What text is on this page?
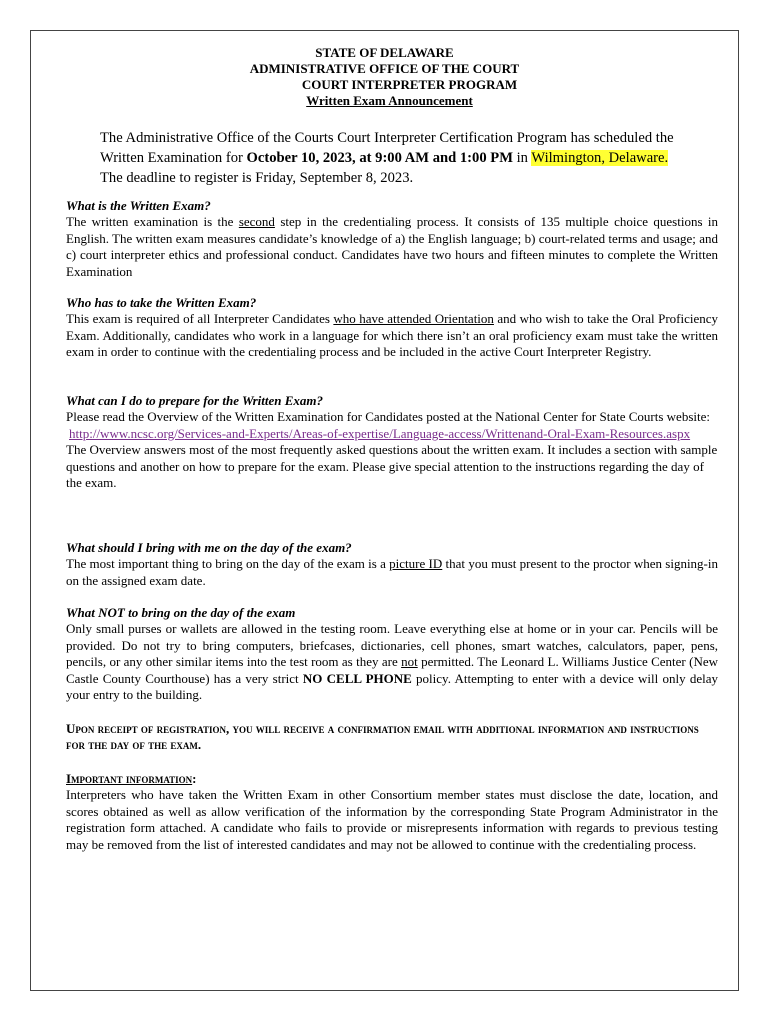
STATE OF DELAWARE
ADMINISTRATIVE OFFICE OF THE COURT
COURT INTERPRETER PROGRAM
Written Exam Announcement
The Administrative Office of the Courts Court Interpreter Certification Program has scheduled the Written Examination for October 10, 2023, at 9:00 AM and 1:00 PM in Wilmington, Delaware. The deadline to register is Friday, September 8, 2023.
What is the Written Exam?

The written examination is the second step in the credentialing process. It consists of 135 multiple choice questions in English. The written exam measures candidate’s knowledge of a) the English language; b) court-related terms and usage; and c) court interpreter ethics and professional conduct. Candidates have two hours and fifteen minutes to complete the Written Examination

Who has to take the Written Exam?

This exam is required of all Interpreter Candidates who have attended Orientation and who wish to take the Oral Proficiency Exam. Additionally, candidates who work in a language for which there isn’t an oral proficiency exam must take the written exam in order to continue with the credentialing process and be included in the active Court Interpreter Registry.

What can I do to prepare for the Written Exam?

Please read the Overview of the Written Examination for Candidates posted at the National Center for State Courts website:

http://www.ncsc.org/Services-and-Experts/Areas-of-expertise/Language-access/Writtenand-Oral-Exam-Resources.aspx

The Overview answers most of the most frequently asked questions about the written exam. It includes a section with sample questions and another on how to prepare for the exam. Please give special attention to the instructions regarding the day of the exam.

What should I bring with me on the day of the exam?

The most important thing to bring on the day of the exam is a picture ID that you must present to the proctor when signing-in on the assigned exam date.

What NOT to bring on the day of the exam

Only small purses or wallets are allowed in the testing room. Leave everything else at home or in your car. Pencils will be provided. Do not try to bring computers, briefcases, dictionaries, cell phones, smart watches, calculators, paper, pens, pencils, or any other similar items into the test room as they are not permitted. The Leonard L. Williams Justice Center (New Castle County Courthouse) has a very strict NO CELL PHONE policy. Attempting to enter with a device will only delay your entry to the building.

Upon receipt of registration, you will receive a confirmation email with additional information and instructions for the day of the exam.
Important information:

Interpreters who have taken the Written Exam in other Consortium member states must disclose the date, location, and scores obtained as well as allow verification of the information by the corresponding State Program Administrator in the registration form attached. A candidate who fails to provide or misrepresents information with regards to previous testing may be removed from the list of interested candidates and may not be allowed to continue with the credentialing process.
